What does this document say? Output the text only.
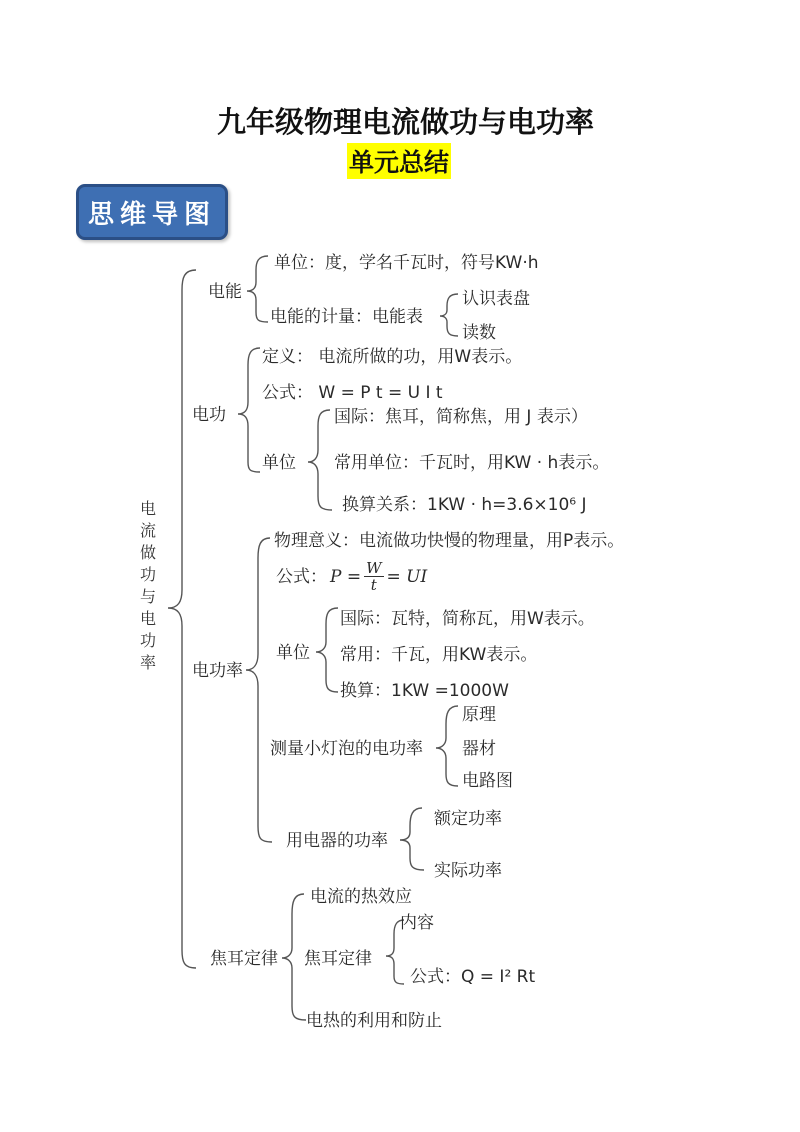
九年级物理电流做功与电功率
单元总结
思维导图
电流做功与电功率
电能
单位：度，学名千瓦时，符号KW·h
电能的计量：电能表
认识表盘
读数
电功
定义： 电流所做的功，用W表示。
公式： W = P t = U I t
单位
国际：焦耳，简称焦，用 J 表示）
常用单位：千瓦时，用KW · h表示。
换算关系：1KW · h=3.6×10⁶ J
电功率
物理意义：电流做功快慢的物理量，用P表示。
公式： $P = \frac{W}{t}$ = UI
单位
国际：瓦特，简称瓦，用W表示。
常用：千瓦，用KW表示。
换算：1KW =1000W
测量小灯泡的电功率
原理
器材
电路图
用电器的功率
额定功率
实际功率
焦耳定律
电流的热效应
焦耳定律
内容
公式：Q = I² Rt
电热的利用和防止
